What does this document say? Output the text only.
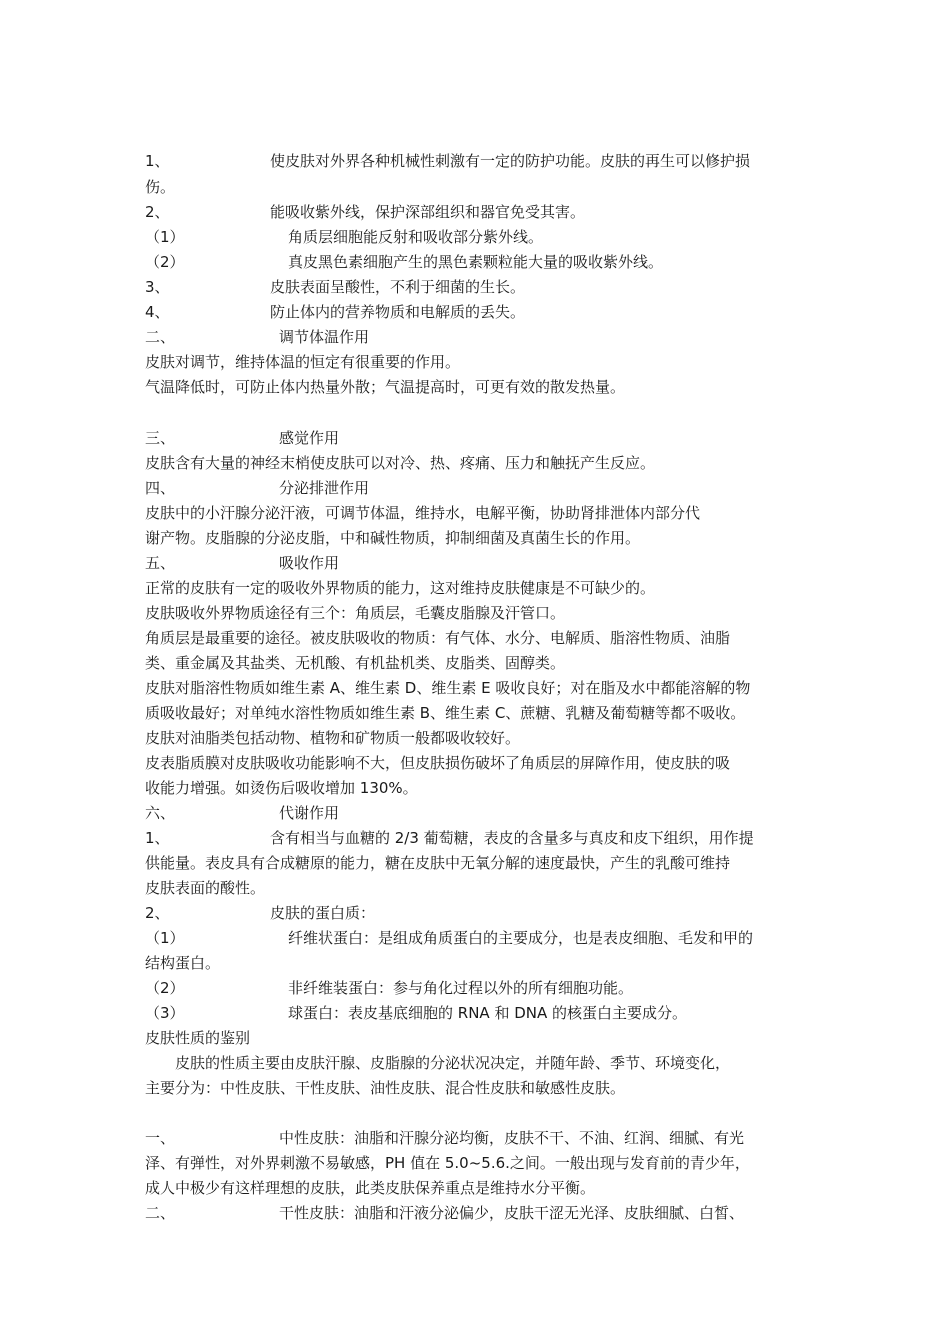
1、	使皮肤对外界各种机械性刺激有一定的防护功能。皮肤的再生可以修护损
伤。
2、	能吸收紫外线，保护深部组织和器官免受其害。
（1）	角质层细胞能反射和吸收部分紫外线。
（2）	真皮黑色素细胞产生的黑色素颗粒能大量的吸收紫外线。
3、	皮肤表面呈酸性，不利于细菌的生长。
4、	防止体内的营养物质和电解质的丢失。
二、	调节体温作用
皮肤对调节，维持体温的恒定有很重要的作用。
气温降低时，可防止体内热量外散；气温提高时，可更有效的散发热量。
三、	感觉作用
皮肤含有大量的神经末梢使皮肤可以对冷、热、疼痛、压力和触抚产生反应。
四、	分泌排泄作用
皮肤中的小汗腺分泌汗液，可调节体温，维持水，电解平衡，协助肾排泄体内部分代
谢产物。皮脂腺的分泌皮脂，中和碱性物质，抑制细菌及真菌生长的作用。
五、	吸收作用
正常的皮肤有一定的吸收外界物质的能力，这对维持皮肤健康是不可缺少的。
皮肤吸收外界物质途径有三个：角质层，毛囊皮脂腺及汗管口。
角质层是最重要的途径。被皮肤吸收的物质：有气体、水分、电解质、脂溶性物质、油脂
类、重金属及其盐类、无机酸、有机盐机类、皮脂类、固醇类。
皮肤对脂溶性物质如维生素 A、维生素 D、维生素 E 吸收良好；对在脂及水中都能溶解的物
质吸收最好；对单纯水溶性物质如维生素 B、维生素 C、蔗糖、乳糖及葡萄糖等都不吸收。
皮肤对油脂类包括动物、植物和矿物质一般都吸收较好。
皮表脂质膜对皮肤吸收功能影响不大，但皮肤损伤破坏了角质层的屏障作用，使皮肤的吸
收能力增强。如烫伤后吸收增加 130%。
六、	代谢作用
1、	含有相当与血糖的 2/3 葡萄糖，表皮的含量多与真皮和皮下组织，用作提
供能量。表皮具有合成糖原的能力，糖在皮肤中无氧分解的速度最快，产生的乳酸可维持
皮肤表面的酸性。
2、	皮肤的蛋白质：
（1）	纤维状蛋白：是组成角质蛋白的主要成分，也是表皮细胞、毛发和甲的
结构蛋白。
（2）	非纤维装蛋白：参与角化过程以外的所有细胞功能。
（3）	球蛋白：表皮基底细胞的 RNA 和 DNA 的核蛋白主要成分。
皮肤性质的鉴别
皮肤的性质主要由皮肤汗腺、皮脂腺的分泌状况决定，并随年龄、季节、环境变化，
主要分为：中性皮肤、干性皮肤、油性皮肤、混合性皮肤和敏感性皮肤。
一、	中性皮肤：油脂和汗腺分泌均衡，皮肤不干、不油、红润、细腻、有光
泽、有弹性，对外界刺激不易敏感，PH 值在 5.0~5.6.之间。一般出现与发育前的青少年，
成人中极少有这样理想的皮肤，此类皮肤保养重点是维持水分平衡。
二、	干性皮肤：油脂和汗液分泌偏少，皮肤干涩无光泽、皮肤细腻、白皙、
